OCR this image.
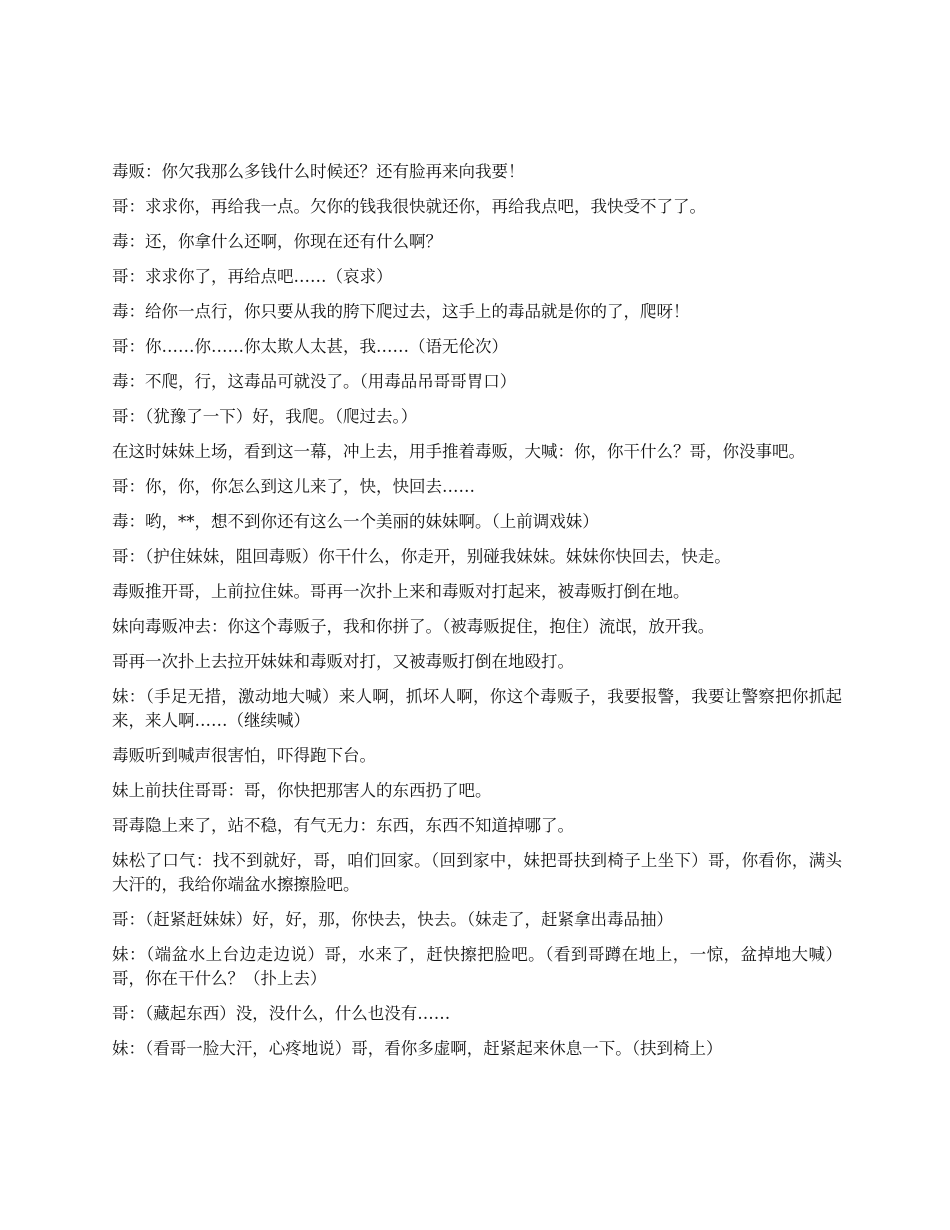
毒贩：你欠我那么多钱什么时候还？还有脸再来向我要！

哥：求求你，再给我一点。欠你的钱我很快就还你，再给我点吧，我快受不了了。

毒：还，你拿什么还啊，你现在还有什么啊？

哥：求求你了，再给点吧……（哀求）

毒：给你一点行，你只要从我的胯下爬过去，这手上的毒品就是你的了，爬呀！

哥：你……你……你太欺人太甚，我……（语无伦次）

毒：不爬，行，这毒品可就没了。（用毒品吊哥哥胃口）

哥：（犹豫了一下）好，我爬。（爬过去。）

在这时妹妹上场，看到这一幕，冲上去，用手推着毒贩，大喊：你，你干什么？哥，你没事吧。

哥：你，你，你怎么到这儿来了，快，快回去……

毒：哟，**，想不到你还有这么一个美丽的妹妹啊。（上前调戏妹）

哥：（护住妹妹，阻回毒贩）你干什么，你走开，别碰我妹妹。妹妹你快回去，快走。

毒贩推开哥，上前拉住妹。哥再一次扑上来和毒贩对打起来，被毒贩打倒在地。

妹向毒贩冲去：你这个毒贩子，我和你拼了。（被毒贩捉住，抱住）流氓，放开我。

哥再一次扑上去拉开妹妹和毒贩对打，又被毒贩打倒在地殴打。

妹：（手足无措，激动地大喊）来人啊，抓坏人啊，你这个毒贩子，我要报警，我要让警察把你抓起来，来人啊……（继续喊）

毒贩听到喊声很害怕，吓得跑下台。

妹上前扶住哥哥：哥，你快把那害人的东西扔了吧。

哥毒隐上来了，站不稳，有气无力：东西，东西不知道掉哪了。

妹松了口气：找不到就好，哥，咱们回家。（回到家中，妹把哥扶到椅子上坐下）哥，你看你，满头大汗的，我给你端盆水擦擦脸吧。

哥：（赶紧赶妹妹）好，好，那，你快去，快去。（妹走了，赶紧拿出毒品抽）

妹：（端盆水上台边走边说）哥，水来了，赶快擦把脸吧。（看到哥蹲在地上，一惊，盆掉地大喊）哥，你在干什么？（扑上去）

哥：（藏起东西）没，没什么，什么也没有……

妹：（看哥一脸大汗，心疼地说）哥，看你多虚啊，赶紧起来休息一下。（扶到椅上）
